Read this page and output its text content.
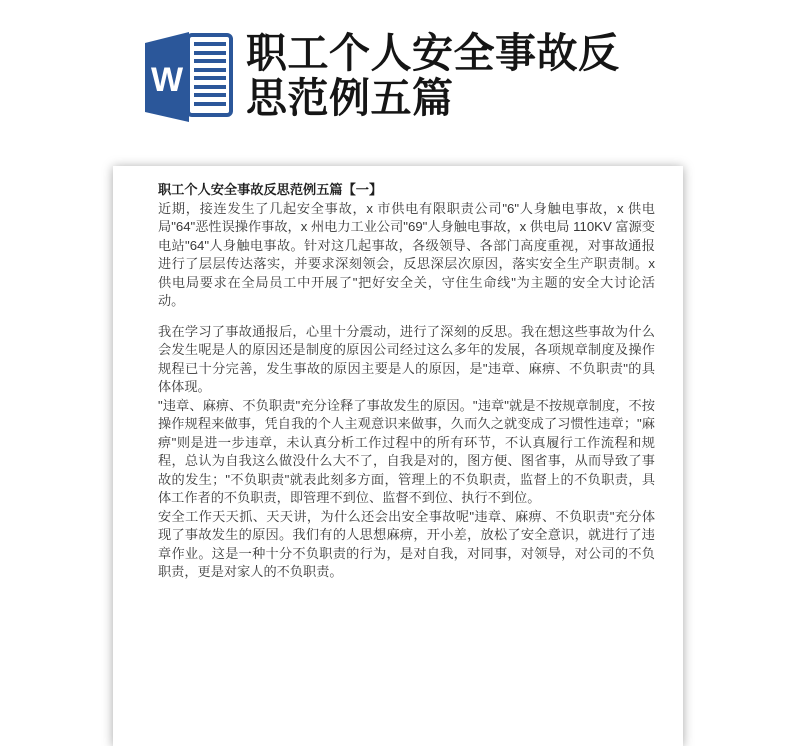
W
职工个人安全事故反思范例五篇

职工个人安全事故反思范例五篇【一】

近期，接连发生了几起安全事故，x 市供电有限职责公司"6"人身触电事故，x 供电局"64"恶性误操作事故，x 州电力工业公司"69"人身触电事故，x 供电局 110KV 富源变电站"64"人身触电事故。针对这几起事故，各级领导、各部门高度重视，对事故通报进行了层层传达落实，并要求深刻领会，反思深层次原因，落实安全生产职责制。x 供电局要求在全局员工中开展了"把好安全关，守住生命线"为主题的安全大讨论活动。

我在学习了事故通报后，心里十分震动，进行了深刻的反思。我在想这些事故为什么会发生呢是人的原因还是制度的原因公司经过这么多年的发展，各项规章制度及操作规程已十分完善，发生事故的原因主要是人的原因，是"违章、麻痹、不负职责"的具体体现。

"违章、麻痹、不负职责"充分诠释了事故发生的原因。"违章"就是不按规章制度，不按操作规程来做事，凭自我的个人主观意识来做事，久而久之就变成了习惯性违章；"麻痹"则是进一步违章，未认真分析工作过程中的所有环节，不认真履行工作流程和规程，总认为自我这么做没什么大不了，自我是对的，图方便、图省事，从而导致了事故的发生；"不负职责"就表此刻多方面，管理上的不负职责，监督上的不负职责，具体工作者的不负职责，即管理不到位、监督不到位、执行不到位。

安全工作天天抓、天天讲，为什么还会出安全事故呢"违章、麻痹、不负职责"充分体现了事故发生的原因。我们有的人思想麻痹，开小差，放松了安全意识，就进行了违章作业。这是一种十分不负职责的行为，是对自我，对同事，对领导，对公司的不负职责，更是对家人的不负职责。
